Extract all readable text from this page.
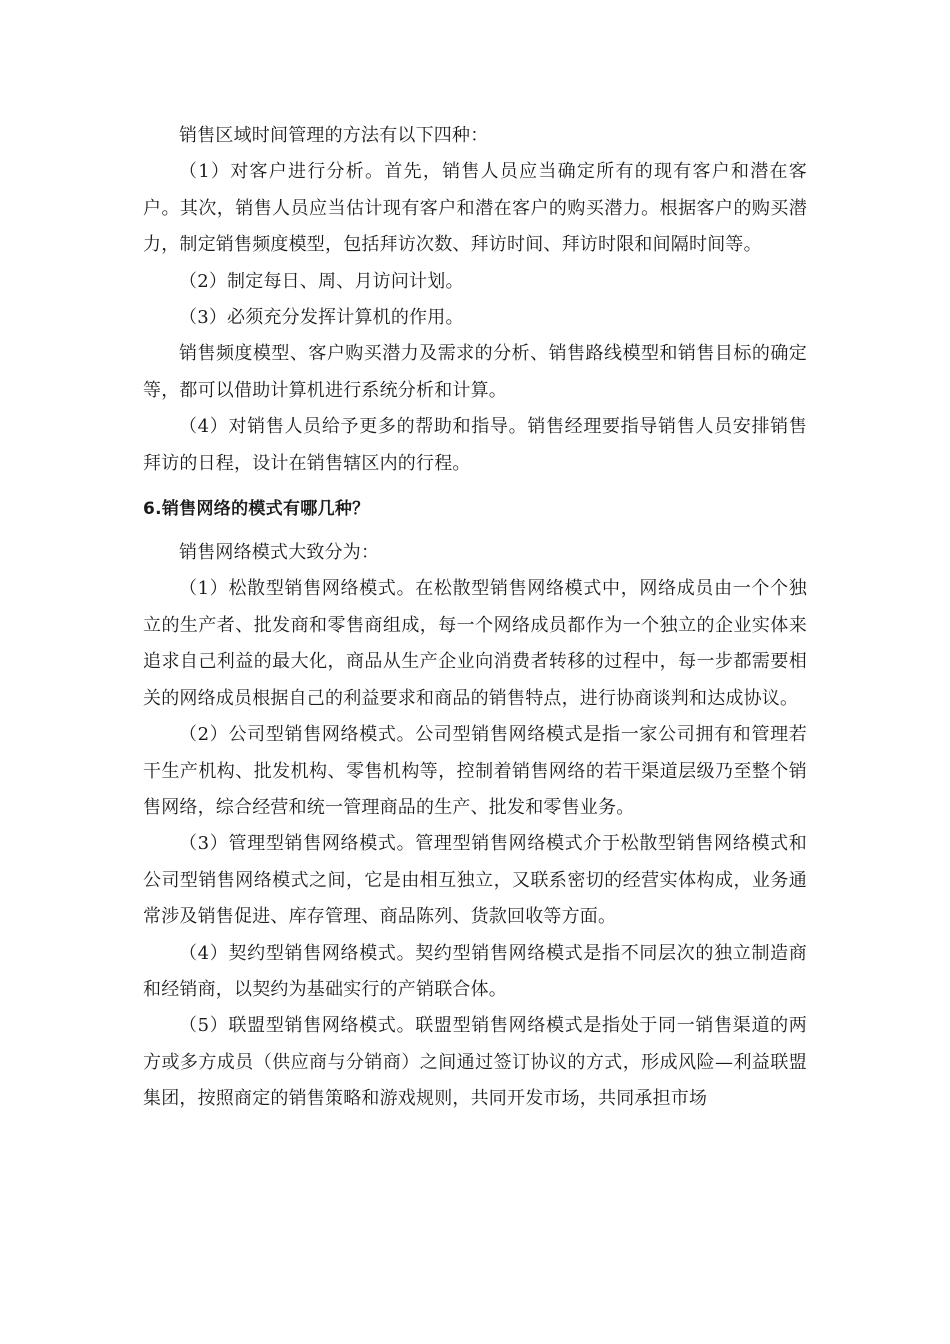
销售区域时间管理的方法有以下四种：

（1）对客户进行分析。首先，销售人员应当确定所有的现有客户和潜在客户。其次，销售人员应当估计现有客户和潜在客户的购买潜力。根据客户的购买潜力，制定销售频度模型，包括拜访次数、拜访时间、拜访时限和间隔时间等。

（2）制定每日、周、月访问计划。

（3）必须充分发挥计算机的作用。

销售频度模型、客户购买潜力及需求的分析、销售路线模型和销售目标的确定等，都可以借助计算机进行系统分析和计算。

（4）对销售人员给予更多的帮助和指导。销售经理要指导销售人员安排销售拜访的日程，设计在销售辖区内的行程。

6.销售网络的模式有哪几种？

销售网络模式大致分为：

（1）松散型销售网络模式。在松散型销售网络模式中，网络成员由一个个独立的生产者、批发商和零售商组成，每一个网络成员都作为一个独立的企业实体来追求自己利益的最大化，商品从生产企业向消费者转移的过程中，每一步都需要相关的网络成员根据自己的利益要求和商品的销售特点，进行协商谈判和达成协议。

（2）公司型销售网络模式。公司型销售网络模式是指一家公司拥有和管理若干生产机构、批发机构、零售机构等，控制着销售网络的若干渠道层级乃至整个销售网络，综合经营和统一管理商品的生产、批发和零售业务。

（3）管理型销售网络模式。管理型销售网络模式介于松散型销售网络模式和公司型销售网络模式之间，它是由相互独立，又联系密切的经营实体构成，业务通常涉及销售促进、库存管理、商品陈列、货款回收等方面。

（4）契约型销售网络模式。契约型销售网络模式是指不同层次的独立制造商和经销商，以契约为基础实行的产销联合体。

（5）联盟型销售网络模式。联盟型销售网络模式是指处于同一销售渠道的两方或多方成员（供应商与分销商）之间通过签订协议的方式，形成风险—利益联盟集团，按照商定的销售策略和游戏规则，共同开发市场，共同承担市场
